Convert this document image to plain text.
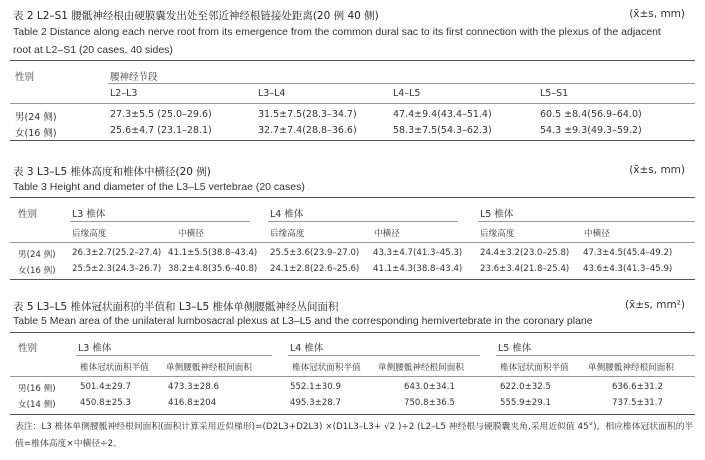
表 2 L2–S1 腰骶神经根由硬膜囊发出处至邻近神经根链接处距离(20 例 40 侧)	(x̄±s, mm)
Table 2 Distance along each nerve root from its emergence from the common dural sac to its first connection with the plexus of the adjacent
root at L2–S1 (20 cases, 40 sides)
性别	腰神经节段
L2–L3	L3–L4	L4–L5	L5–S1
男(24 侧)	27.3±5.5 (25.0–29.6)	31.5±7.5(28.3–34.7)	47.4±9.4(43.4–51.4)	60.5 ±8.4(56.9–64.0)
女(16 侧)	25.6±4.7 (23.1–28.1)	32.7±7.4(28.8–36.6)	58.3±7.5(54.3–62.3)	54.3 ±9.3(49.3–59.2)
表 3 L3–L5 椎体高度和椎体中横径(20 例)	(x̄±s, mm)
Table 3 Height and diameter of the L3–L5 vertebrae (20 cases)
性别	L3 椎体	L4 椎体	L5 椎体
后缘高度	中横径	后缘高度	中横径	后缘高度	中横径
男(24 例) 26.3±2.7(25.2–27.4) 41.1±5.5(38.8–43.4) 25.5±3.6(23.9–27.0) 43.3±4.7(41.3–45.3) 24.4±3.2(23.0–25.8) 47.3±4.5(45.4–49.2)
女(16 例) 25.5±2.3(24.3–26.7) 38.2±4.8(35.6–40.8) 24.1±2.8(22.6–25.6) 41.1±4.3(38.8–43.4) 23.6±3.4(21.8–25.4) 43.6±4.3(41.3–45.9)
表 5 L3–L5 椎体冠状面积的半值和 L3–L5 椎体单侧腰骶神经丛间面积	(x̄±s, mm²)
Table 5 Mean area of the unilateral lumbosacral plexus at L3–L5 and the corresponding hemivertebrate in the coronary plane
性别	L3 椎体	L4 椎体	L5 椎体
椎体冠状面积半值 单侧腰骶神经根间面积	椎体冠状面积半值 单侧腰骶神经根间面积	椎体冠状面积半值 单侧腰骶神经根间面积
男(16 侧)	501.4±29.7	473.3±28.6	552.1±30.9	643.0±34.1	622.0±32.5	636.6±31.2
女(14 侧)	450.8±25.3	416.8±204	495.3±28.7	750.8±36.5	555.9±29.1	737.5±31.7
表注：L3 椎体单侧腰骶神经根间面积(面积计算采用近似梯形)=(D2L3+D2L3) ×(D1L3–L3+ √2 )÷2 (L2–L5 神经根与硬膜囊夹角,采用近似值 45°)，相应椎体冠状面积的半
值=椎体高度×中横径÷2。
